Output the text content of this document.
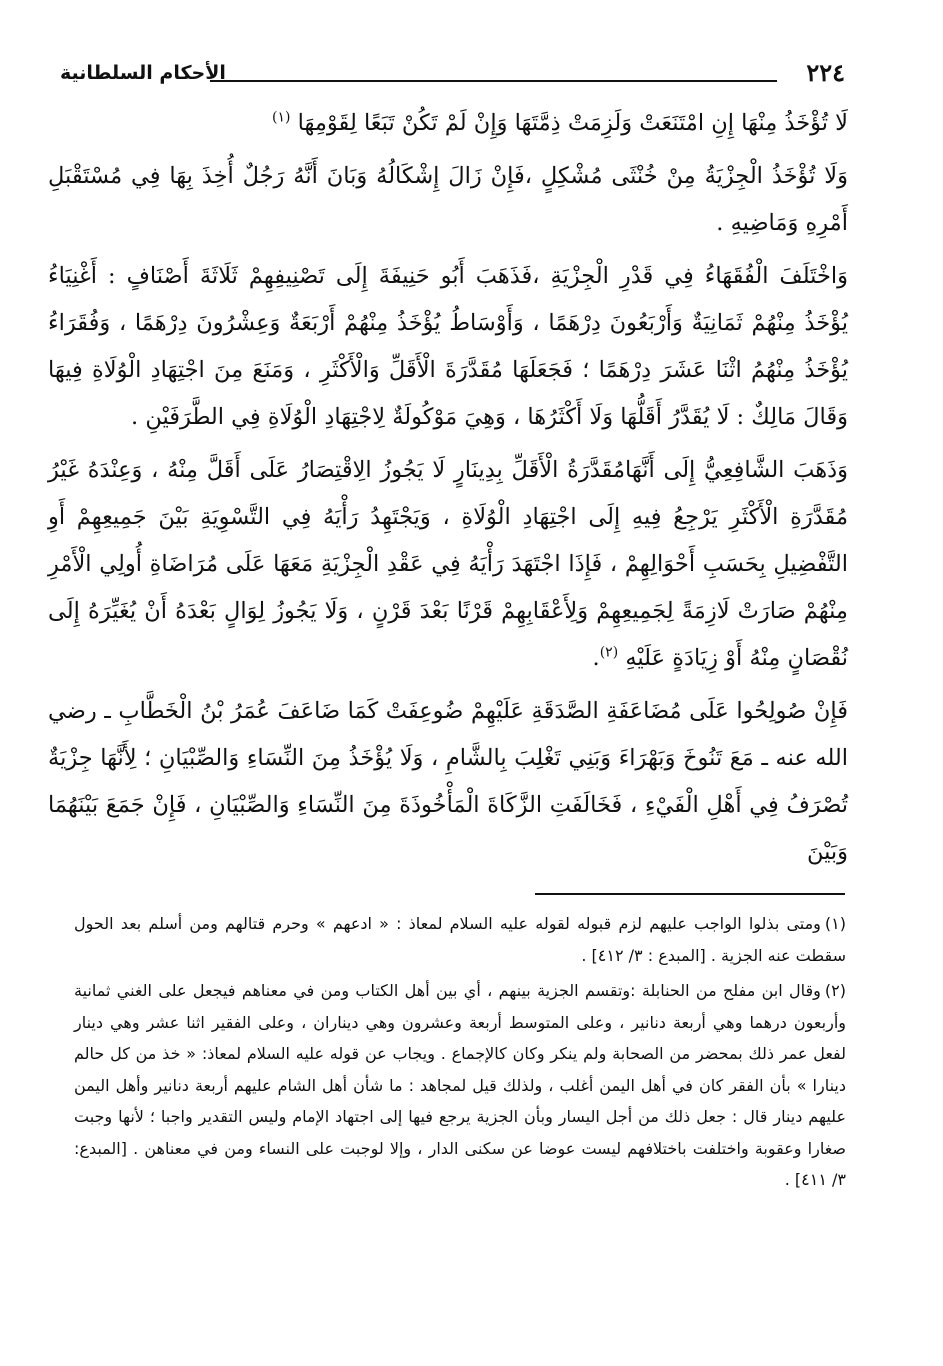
٢٢٤
الأحكام السلطانية

لَا تُؤْخَذُ مِنْهَا إِنِ امْتَنَعَتْ وَلَزِمَتْ ذِمَّتَهَا وَإِنْ لَمْ تَكُنْ تَبَعًا لِقَوْمِهَا $^{(١)}$

وَلَا تُؤْخَذُ الْجِزْيَةُ مِنْ خُنْثَى مُشْكِلٍ ،فَإِنْ زَالَ إِشْكَالُهُ وَبَانَ أَنَّهُ رَجُلٌ أُخِذَ بِهَا فِي مُسْتَقْبَلِ أَمْرِهِ وَمَاضِيهِ .

وَاخْتَلَفَ الْفُقَهَاءُ فِي قَدْرِ الْجِزْيَةِ ،فَذَهَبَ أَبُو حَنِيفَةَ إِلَى تَصْنِيفِهِمْ ثَلَاثَةَ أَصْنَافٍ : أَغْنِيَاءُ يُؤْخَذُ مِنْهُمْ ثَمَانِيَةٌ وَأَرْبَعُونَ دِرْهَمًا ، وَأَوْسَاطُ يُؤْخَذُ مِنْهُمْ أَرْبَعَةٌ وَعِشْرُونَ دِرْهَمًا ، وَفُقَرَاءُ يُؤْخَذُ مِنْهُمُ اثْنَا عَشَرَ دِرْهَمًا ؛ فَجَعَلَهَا مُقَدَّرَةَ الْأَقَلِّ وَالْأَكْثَرِ ، وَمَنَعَ مِنَ اجْتِهَادِ الْوُلَاةِ فِيهَا وَقَالَ مَالِكٌ : لَا يُقَدَّرُ أَقَلُّهَا وَلَا أَكْثَرُهَا ، وَهِيَ مَوْكُولَةٌ لِاجْتِهَادِ الْوُلَاةِ فِي الطَّرَفَيْنِ .

وَذَهَبَ الشَّافِعِيُّ إِلَى أَنَّهَامُقَدَّرَةُ الْأَقَلِّ بِدِينَارٍ لَا يَجُوزُ الِاقْتِصَارُ عَلَى أَقَلَّ مِنْهُ ، وَعِنْدَهُ غَيْرُ مُقَدَّرَةِ الْأَكْثَرِ يَرْجِعُ فِيهِ إِلَى اجْتِهَادِ الْوُلَاةِ ، وَيَجْتَهِدُ رَأْيَهُ فِي التَّسْوِيَةِ بَيْنَ جَمِيعِهِمْ أَوِ التَّفْضِيلِ بِحَسَبِ أَحْوَالِهِمْ ، فَإِذَا اجْتَهَدَ رَأْيَهُ فِي عَقْدِ الْجِزْيَةِ مَعَهَا عَلَى مُرَاضَاةِ أُولِي الْأَمْرِ مِنْهُمْ صَارَتْ لَازِمَةً لِجَمِيعِهِمْ وَلِأَعْقَابِهِمْ قَرْنًا بَعْدَ قَرْنٍ ، وَلَا يَجُوزُ لِوَالٍ بَعْدَهُ أَنْ يُغَيِّرَهُ إِلَى نُقْصَانٍ مِنْهُ أَوْ زِيَادَةٍ عَلَيْهِ $^{(٢)}$.

فَإِنْ صُولِحُوا عَلَى مُضَاعَفَةِ الصَّدَقَةِ عَلَيْهِمْ ضُوعِفَتْ كَمَا ضَاعَفَ عُمَرُ بْنُ الْخَطَّابِ ـ رضي الله عنه ـ مَعَ تَنُوخَ وَبَهْرَاءَ وَبَنِي تَغْلِبَ بِالشَّامِ ، وَلَا يُؤْخَذُ مِنَ النِّسَاءِ وَالصِّبْيَانِ ؛ لِأَنَّهَا جِزْيَةٌ تُصْرَفُ فِي أَهْلِ الْفَيْءِ ، فَخَالَفَتِ الزَّكَاةَ الْمَأْخُوذَةَ مِنَ النِّسَاءِ وَالصِّبْيَانِ ، فَإِنْ جَمَعَ بَيْنَهُمَا وَبَيْنَ

(١)ومتى بذلوا الواجب عليهم لزم قبوله لقوله عليه السلام لمعاذ : « ادعهم » وحرم قتالهم ومن أسلم بعد الحول سقطت عنه الجزية . [المبدع : ٣/ ٤١٢] .

(٢)وقال ابن مفلح من الحنابلة :وتقسم الجزية بينهم ، أي بين أهل الكتاب ومن في معناهم فيجعل على الغني ثمانية وأربعون درهما وهي أربعة دنانير ، وعلى المتوسط أربعة وعشرون وهي ديناران ، وعلى الفقير اثنا عشر وهي دينار لفعل عمر ذلك بمحضر من الصحابة ولم ينكر وكان كالإجماع . ويجاب عن قوله عليه السلام لمعاذ: « خذ من كل حالم دينارا » بأن الفقر كان في أهل اليمن أغلب ، ولذلك قيل لمجاهد : ما شأن أهل الشام عليهم أربعة دنانير وأهل اليمن عليهم دينار قال : جعل ذلك من أجل اليسار وبأن الجزية يرجع فيها إلى اجتهاد الإمام وليس التقدير واجبا ؛ لأنها وجبت صغارا وعقوبة واختلفت باختلافهم ليست عوضا عن سكنى الدار ، وإلا لوجبت على النساء ومن في معناهن . [المبدع: ٣/ ٤١١] .
